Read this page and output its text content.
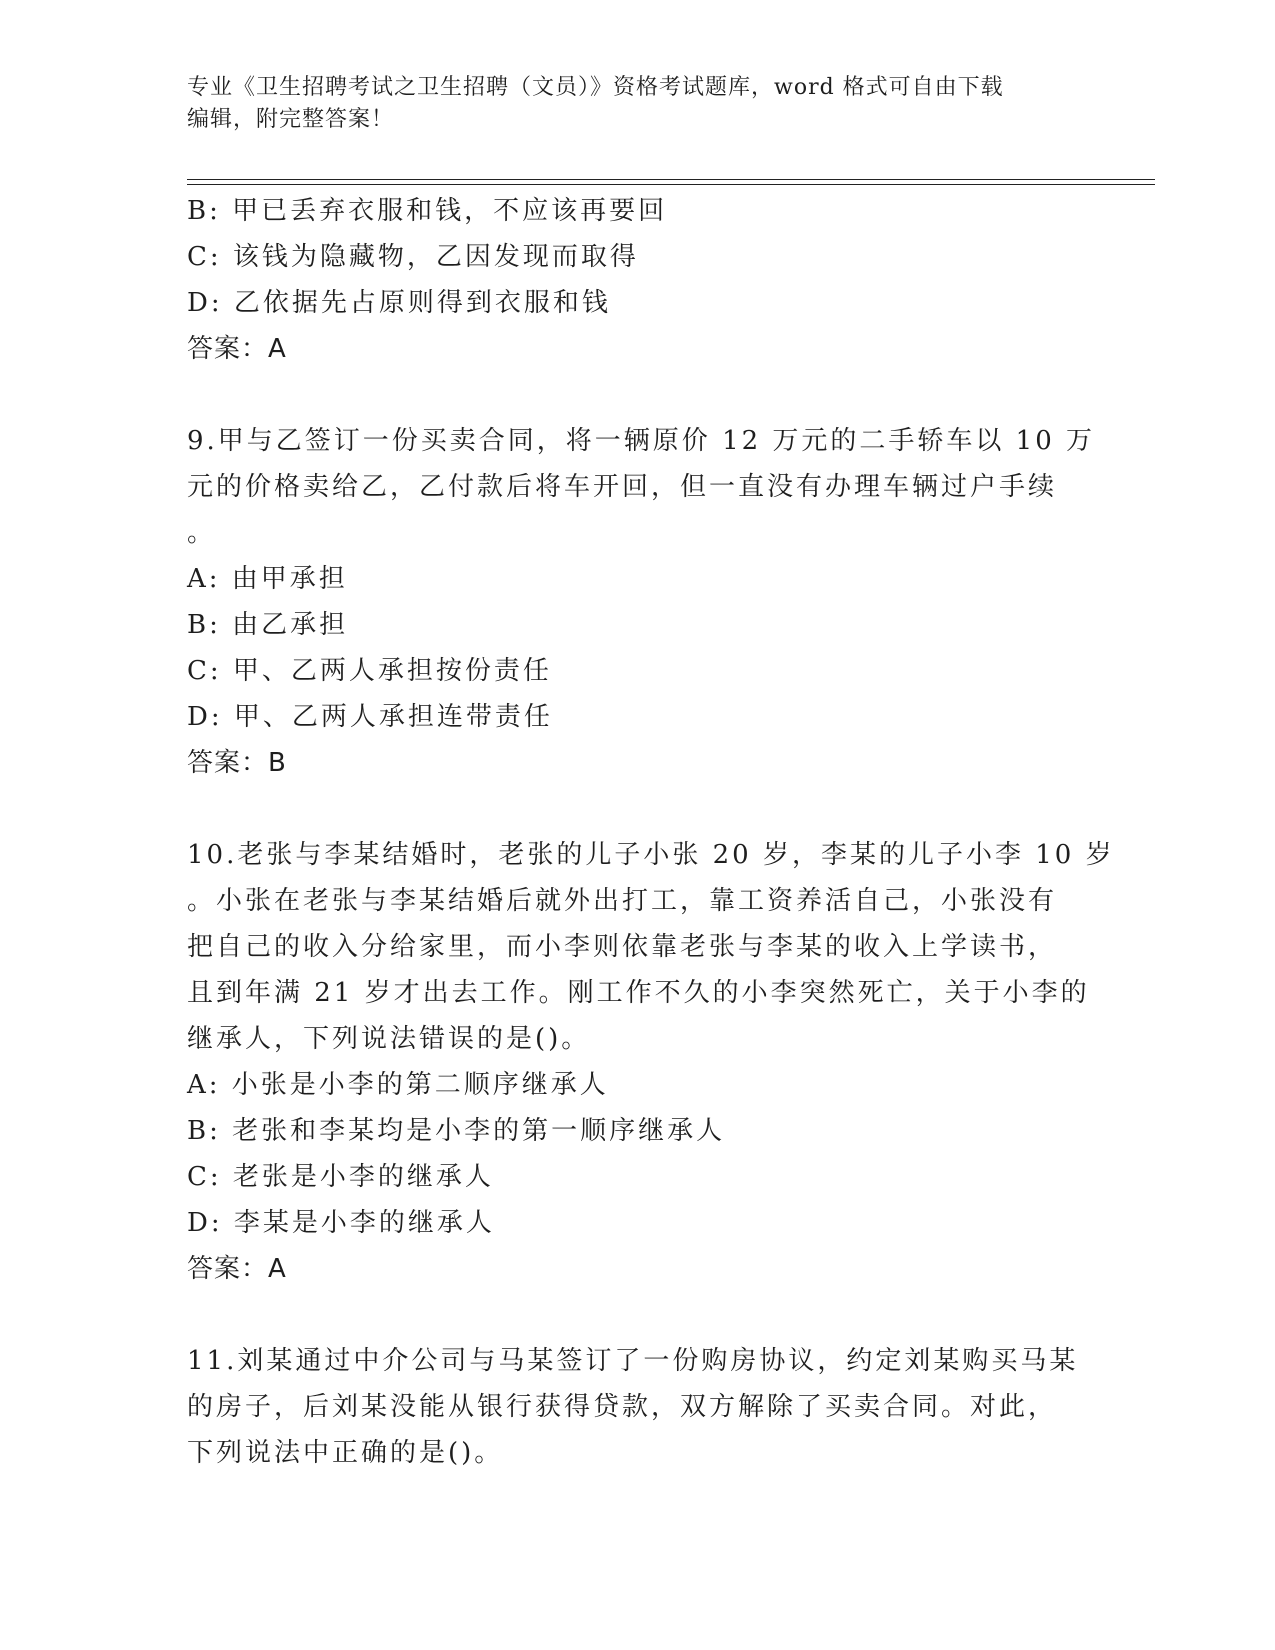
专业《卫生招聘考试之卫生招聘（文员）》资格考试题库，word 格式可自由下载
编辑，附完整答案！
B: 甲已丢弃衣服和钱，不应该再要回
C: 该钱为隐藏物，乙因发现而取得
D: 乙依据先占原则得到衣服和钱
答案：A
9.甲与乙签订一份买卖合同，将一辆原价 12 万元的二手轿车以 10 万
元的价格卖给乙，乙付款后将车开回，但一直没有办理车辆过户手续
。
A: 由甲承担
B: 由乙承担
C: 甲、乙两人承担按份责任
D: 甲、乙两人承担连带责任
答案：B
10.老张与李某结婚时，老张的儿子小张 20 岁，李某的儿子小李 10 岁
。小张在老张与李某结婚后就外出打工，靠工资养活自己，小张没有
把自己的收入分给家里，而小李则依靠老张与李某的收入上学读书，
且到年满 21 岁才出去工作。刚工作不久的小李突然死亡，关于小李的
继承人，下列说法错误的是()。
A: 小张是小李的第二顺序继承人
B: 老张和李某均是小李的第一顺序继承人
C: 老张是小李的继承人
D: 李某是小李的继承人
答案：A
11.刘某通过中介公司与马某签订了一份购房协议，约定刘某购买马某
的房子，后刘某没能从银行获得贷款，双方解除了买卖合同。对此，
下列说法中正确的是()。
